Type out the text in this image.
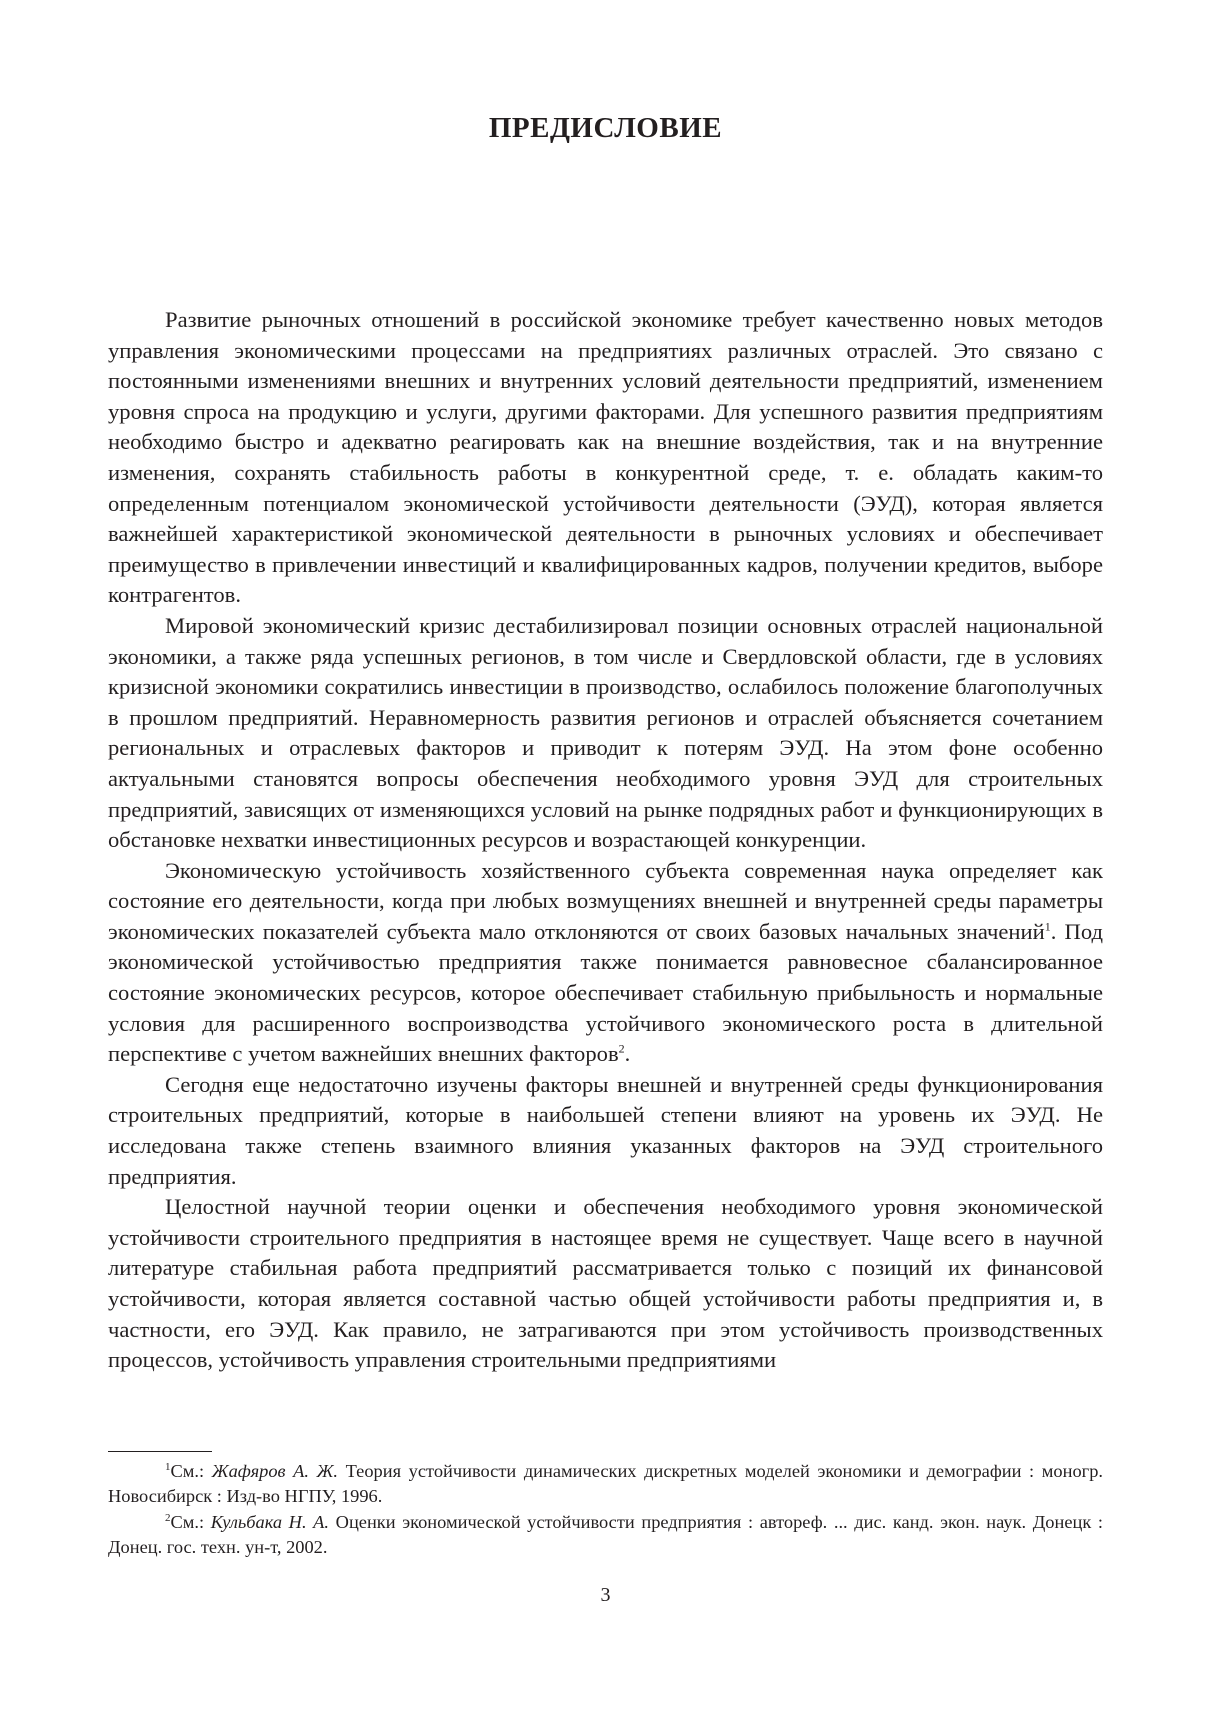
ПРЕДИСЛОВИЕ

Развитие рыночных отношений в российской экономике требует качественно новых методов управления экономическими процессами на предприятиях различных отраслей. Это связано с постоянными изменениями внешних и внутренних условий деятельности предприятий, изменением уровня спроса на продукцию и услуги, другими факторами. Для успешного развития предприятиям необходимо быстро и адекватно реагировать как на внешние воздействия, так и на внутренние изменения, сохранять стабильность работы в конкурентной среде, т. е. обладать каким-то определенным потенциалом экономической устойчивости деятельности (ЭУД), которая является важнейшей характеристикой экономической деятельности в рыночных условиях и обеспечивает преимущество в привлечении инвестиций и квалифицированных кадров, получении кредитов, выборе контрагентов.

Мировой экономический кризис дестабилизировал позиции основных отраслей национальной экономики, а также ряда успешных регионов, в том числе и Свердловской области, где в условиях кризисной экономики сократились инвестиции в производство, ослабилось положение благополучных в прошлом предприятий. Неравномерность развития регионов и отраслей объясняется сочетанием региональных и отраслевых факторов и приводит к потерям ЭУД. На этом фоне особенно актуальными становятся вопросы обеспечения необходимого уровня ЭУД для строительных предприятий, зависящих от изменяющихся условий на рынке подрядных работ и функционирующих в обстановке нехватки инвестиционных ресурсов и возрастающей конкуренции.

Экономическую устойчивость хозяйственного субъекта современная наука определяет как состояние его деятельности, когда при любых возмущениях внешней и внутренней среды параметры экономических показателей субъекта мало отклоняются от своих базовых начальных значений$^1$. Под экономической устойчивостью предприятия также понимается равновесное сбалансированное состояние экономических ресурсов, которое обеспечивает стабильную прибыльность и нормальные условия для расширенного воспроизводства устойчивого экономического роста в длительной перспективе с учетом важнейших внешних факторов$^2$.

Сегодня еще недостаточно изучены факторы внешней и внутренней среды функционирования строительных предприятий, которые в наибольшей степени влияют на уровень их ЭУД. Не исследована также степень взаимного влияния указанных факторов на ЭУД строительного предприятия.

Целостной научной теории оценки и обеспечения необходимого уровня экономической устойчивости строительного предприятия в настоящее время не существует. Чаще всего в научной литературе стабильная работа предприятий рассматривается только с позиций их финансовой устойчивости, которая является составной частью общей устойчивости работы предприятия и, в частности, его ЭУД. Как правило, не затрагиваются при этом устойчивость производственных процессов, устойчивость управления строительными предприятиями

$^1$См.: Жафяров А. Ж. Теория устойчивости динамических дискретных моделей экономики и демографии : моногр. Новосибирск : Изд-во НГПУ, 1996.

$^2$См.: Кульбака Н. А. Оценки экономической устойчивости предприятия : автореф. ... дис. канд. экон. наук. Донецк : Донец. гос. техн. ун-т, 2002.

3
